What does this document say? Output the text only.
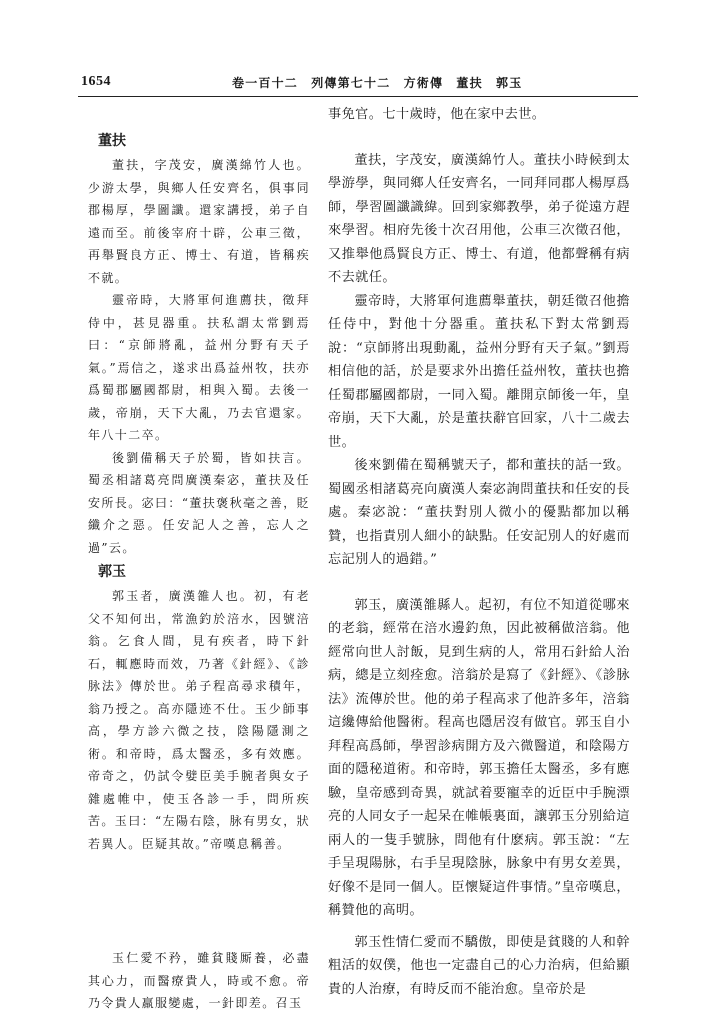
1654	卷一百十二　列傳第七十二　方術傳　董扶　郭玉
董扶

董扶，字茂安，廣漢綿竹人也。少游太學，與鄉人任安齊名，俱事同郡楊厚，學圖讖。還家講授，弟子自遠而至。前後宰府十辟，公車三徵，再舉賢良方正、博士、有道，皆稱疾不就。

靈帝時，大將軍何進薦扶，徵拜侍中，甚見器重。扶私謂太常劉焉曰：“京師將亂，益州分野有天子氣。”焉信之，遂求出爲益州牧，扶亦爲蜀郡屬國都尉，相與入蜀。去後一歲，帝崩，天下大亂，乃去官還家。年八十二卒。

後劉備稱天子於蜀，皆如扶言。蜀丞相諸葛亮問廣漢秦宓，董扶及任安所長。宓曰：“董扶褒秋毫之善，貶纖介之惡。任安記人之善，忘人之過”云。

郭玉

郭玉者，廣漢雒人也。初，有老父不知何出，常漁釣於涪水，因號涪翁。乞食人間，見有疾者，時下針石，輒應時而效，乃著《針經》、《診脉法》傳於世。弟子程高尋求積年，翁乃授之。高亦隱迹不仕。玉少師事高，學方診六微之技，陰陽隱測之術。和帝時，爲太醫丞，多有效應。帝奇之，仍試令嬖臣美手腕者與女子雜處帷中，使玉各診一手，問所疾苦。玉曰：“左陽右陰，脉有男女，狀若異人。臣疑其故。”帝嘆息稱善。

玉仁愛不矜，雖貧賤厮養，必盡其心力，而醫療貴人，時或不愈。帝乃令貴人羸服變處，一針即差。召玉

事免官。七十歲時，他在家中去世。

董扶，字茂安，廣漢綿竹人。董扶小時候到太學游學，與同鄉人任安齊名，一同拜同郡人楊厚爲師，學習圖讖識緯。回到家鄉教學，弟子從遠方趕來學習。相府先後十次召用他，公車三次徵召他，又推舉他爲賢良方正、博士、有道，他都聲稱有病不去就任。

靈帝時，大將軍何進薦舉董扶，朝廷徵召他擔任侍中，對他十分器重。董扶私下對太常劉焉說：“京師將出現動亂，益州分野有天子氣。”劉焉相信他的話，於是要求外出擔任益州牧，董扶也擔任蜀郡屬國都尉，一同入蜀。離開京師後一年，皇帝崩，天下大亂，於是董扶辭官回家，八十二歲去世。

後來劉備在蜀稱號天子，都和董扶的話一致。蜀國丞相諸葛亮向廣漢人秦宓詢問董扶和任安的長處。秦宓說：“董扶對別人微小的優點都加以稱贊，也指責別人細小的缺點。任安記別人的好處而忘記別人的過錯。”

郭玉，廣漢雒縣人。起初，有位不知道從哪來的老翁，經常在涪水邊釣魚，因此被稱做涪翁。他經常向世人討飯，見到生病的人，常用石針給人治病，總是立刻痊愈。涪翁於是寫了《針經》、《診脉法》流傳於世。他的弟子程高求了他許多年，涪翁這纔傳給他醫術。程高也隱居沒有做官。郭玉自小拜程高爲師，學習診病開方及六微醫道，和陰陽方面的隱秘道術。和帝時，郭玉擔任太醫丞，多有應驗，皇帝感到奇異，就試着要寵幸的近臣中手腕漂亮的人同女子一起呆在帷帳裏面，讓郭玉分别給這兩人的一隻手號脉，問他有什麽病。郭玉說：“左手呈現陽脉，右手呈現陰脉，脉象中有男女差異，好像不是同一個人。臣懷疑這件事情。”皇帝嘆息，稱贊他的高明。

郭玉性情仁愛而不驕傲，即使是貧賤的人和幹粗活的奴僕，他也一定盡自己的心力治病，但給顯貴的人治療，有時反而不能治愈。皇帝於是
